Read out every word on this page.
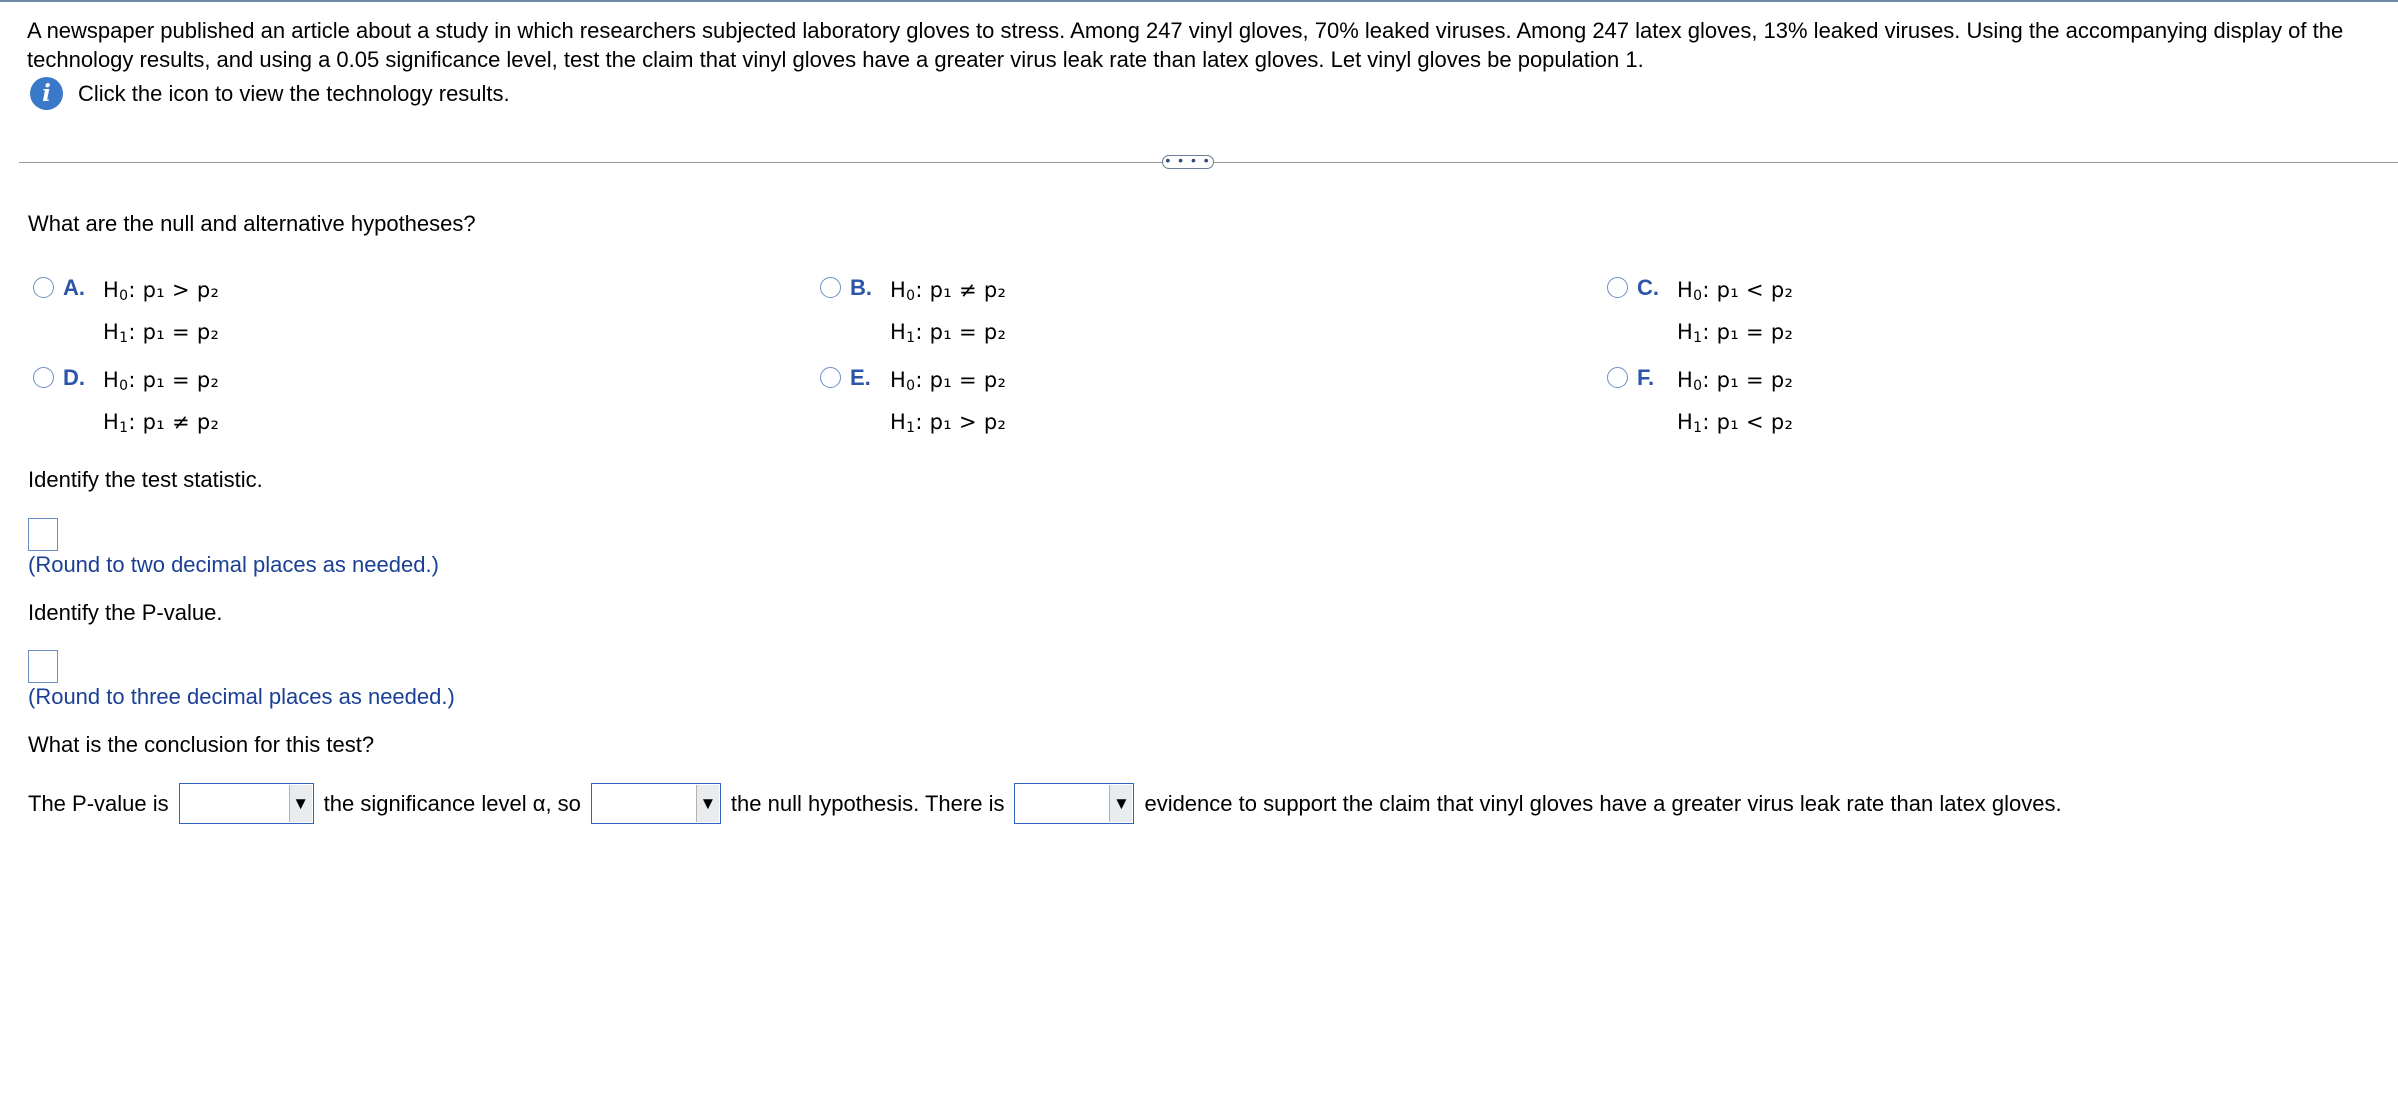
A newspaper published an article about a study in which researchers subjected laboratory gloves to stress. Among 247 vinyl gloves, 70% leaked viruses. Among 247 latex gloves, 13% leaked viruses. Using the accompanying display of the technology results, and using a 0.05 significance level, test the claim that vinyl gloves have a greater virus leak rate than latex gloves. Let vinyl gloves be population 1.
i	Click the icon to view the technology results.
• • • •
What are the null and alternative hypotheses?
A. $H_0$: p₁ > p₂
$H_1$: p₁ = p₂
B. $H_0$: p₁ ≠ p₂
$H_1$: p₁ = p₂
C. $H_0$: p₁ < p₂
$H_1$: p₁ = p₂
D. $H_0$: p₁ = p₂
$H_1$: p₁ ≠ p₂
E. $H_0$: p₁ = p₂
$H_1$: p₁ > p₂
F.	$H_0$: p₁ = p₂
$H_1$: p₁ < p₂
Identify the test statistic.
(Round to two decimal places as needed.)
Identify the P-value.
(Round to three decimal places as needed.)
What is the conclusion for this test?
The P-value is	▼ the significance level α, so	▼ the null hypothesis. There is	▼ evidence to support the claim that vinyl gloves have a greater virus leak rate than latex gloves.
